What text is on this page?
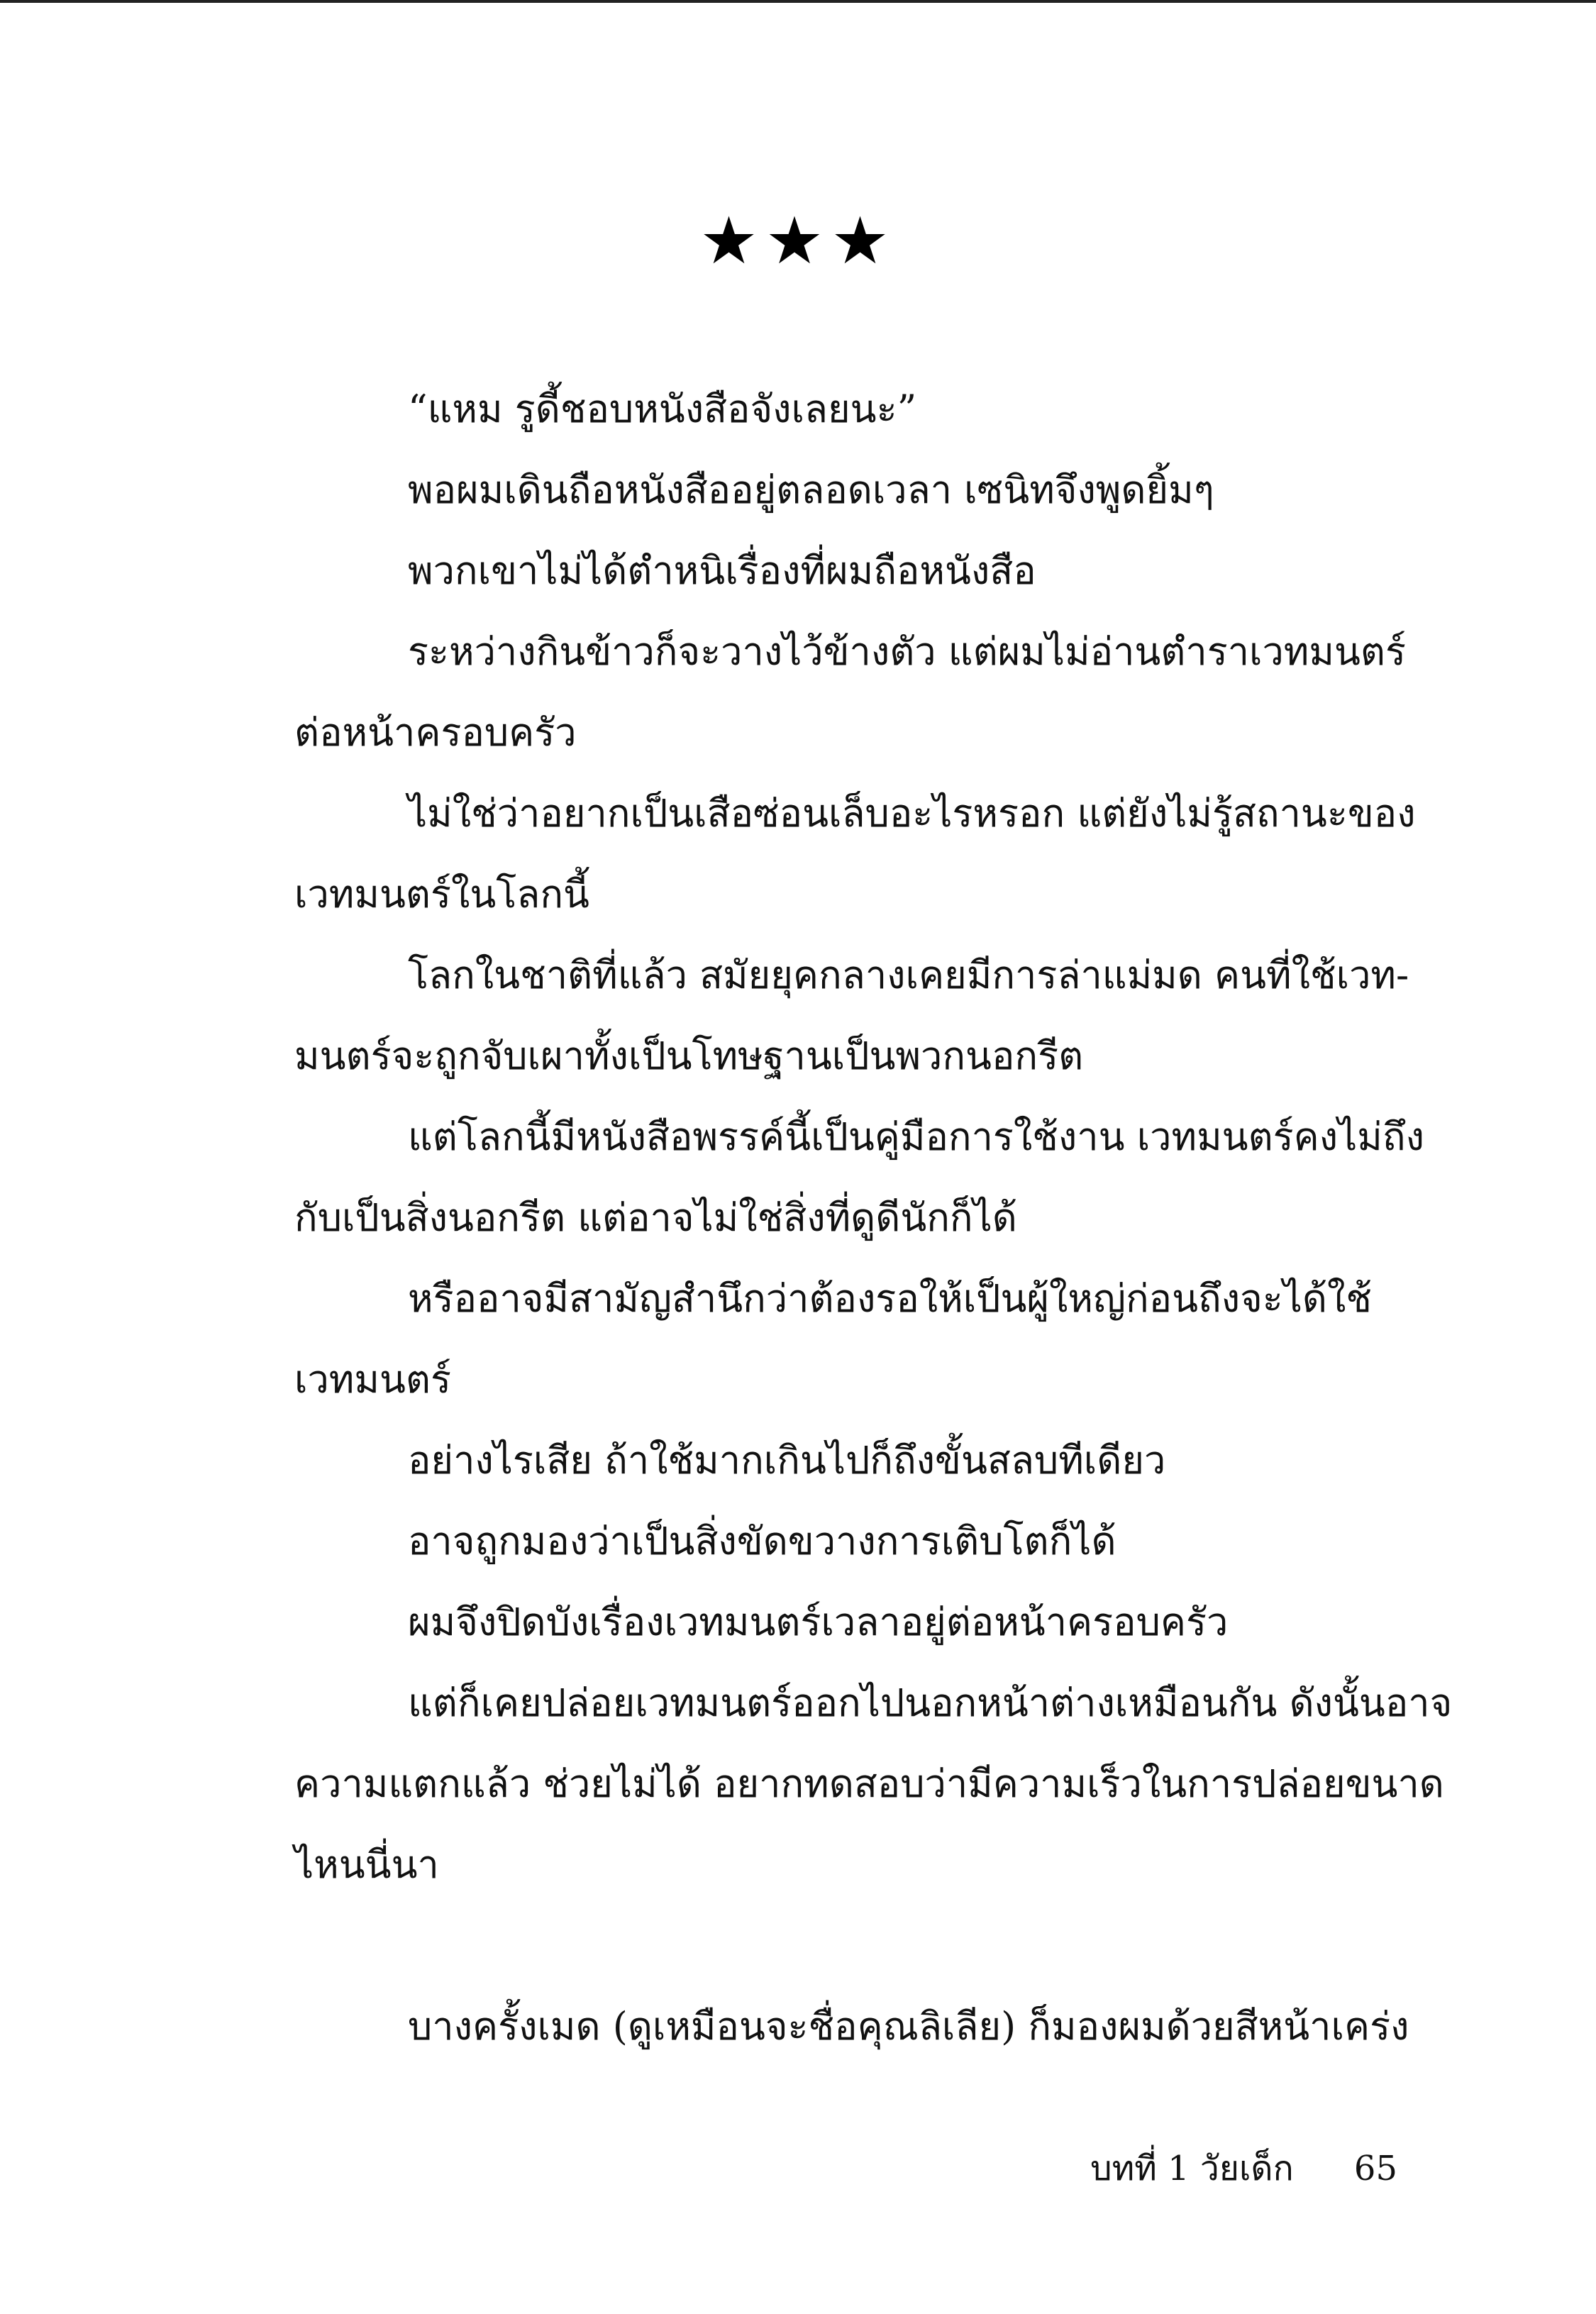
★★★
“แหม รูดี้ชอบหนังสือจังเลยนะ”
พอผมเดินถือหนังสืออยู่ตลอดเวลา เซนิทจึงพูดยิ้มๆ
พวกเขาไม่ได้ตำหนิเรื่องที่ผมถือหนังสือ
ระหว่างกินข้าวก็จะวางไว้ข้างตัว แต่ผมไม่อ่านตำราเวทมนตร์
ต่อหน้าครอบครัว
ไม่ใช่ว่าอยากเป็นเสือซ่อนเล็บอะไรหรอก แต่ยังไม่รู้สถานะของ
เวทมนตร์ในโลกนี้
โลกในชาติที่แล้ว สมัยยุคกลางเคยมีการล่าแม่มด คนที่ใช้เวท-
มนตร์จะถูกจับเผาทั้งเป็นโทษฐานเป็นพวกนอกรีต
แต่โลกนี้มีหนังสือพรรค์นี้เป็นคู่มือการใช้งาน เวทมนตร์คงไม่ถึง
กับเป็นสิ่งนอกรีต แต่อาจไม่ใช่สิ่งที่ดูดีนักก็ได้
หรืออาจมีสามัญสำนึกว่าต้องรอให้เป็นผู้ใหญ่ก่อนถึงจะได้ใช้
เวทมนตร์
อย่างไรเสีย ถ้าใช้มากเกินไปก็ถึงขั้นสลบทีเดียว
อาจถูกมองว่าเป็นสิ่งขัดขวางการเติบโตก็ได้
ผมจึงปิดบังเรื่องเวทมนตร์เวลาอยู่ต่อหน้าครอบครัว
แต่ก็เคยปล่อยเวทมนตร์ออกไปนอกหน้าต่างเหมือนกัน ดังนั้นอาจ
ความแตกแล้ว ช่วยไม่ได้ อยากทดสอบว่ามีความเร็วในการปล่อยขนาด
ไหนนี่นา
บางครั้งเมด (ดูเหมือนจะชื่อคุณลิเลีย) ก็มองผมด้วยสีหน้าเคร่ง
บทที่ 1 วัยเด็ก 65
